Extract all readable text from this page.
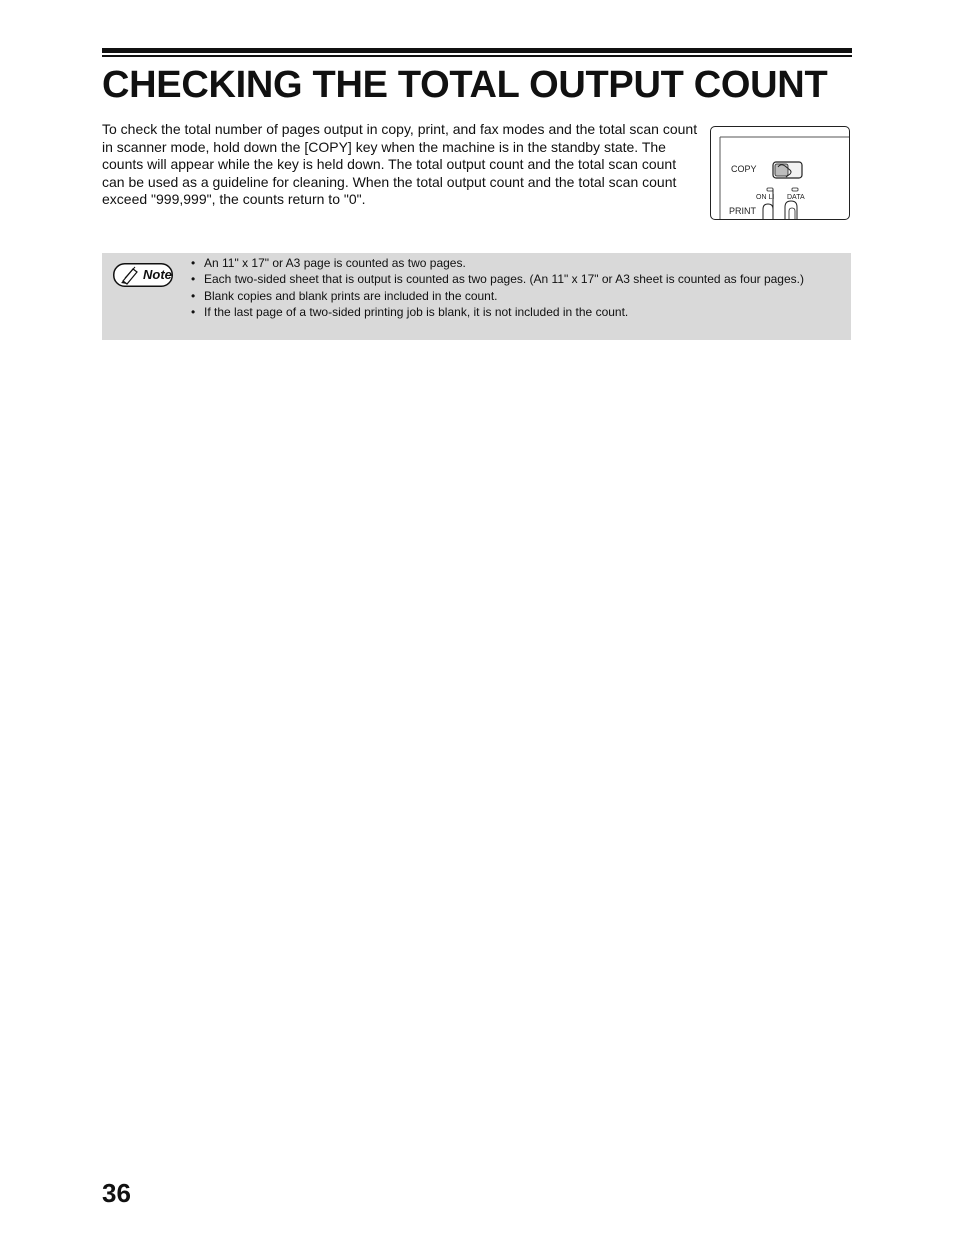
CHECKING THE TOTAL OUTPUT COUNT

To check the total number of pages output in copy, print, and fax modes and the total scan count in scanner mode, hold down the [COPY] key when the machine is in the standby state. The counts will appear while the key is held down. The total output count and the total scan count can be used as a guideline for cleaning. When the total output count and the total scan count exceed "999,999", the counts return to "0".

COPY
ON LI DATA
PRINT
Note
• An 11" x 17" or A3 page is counted as two pages.
• Each two-sided sheet that is output is counted as two pages. (An 11" x 17" or A3 sheet is counted as four pages.)
• Blank copies and blank prints are included in the count.
• If the last page of a two-sided printing job is blank, it is not included in the count.

36
